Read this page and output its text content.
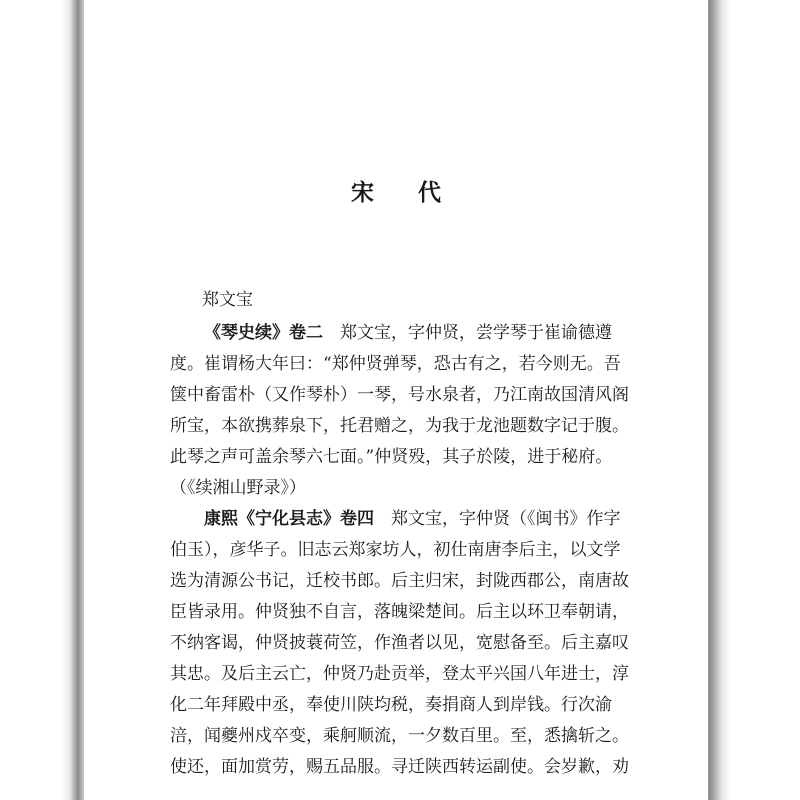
宋 代
郑文宝
《琴史续》卷二　 郑文宝，字仲贤，尝学琴于崔谕德遵
度。崔谓杨大年曰：“郑仲贤弹琴，恐古有之，若今则无。吾
箧中畜雷朴（又作琴朴）一琴，号水泉者，乃江南故国清风阁
所宝，本欲携葬泉下，托君赠之，为我于龙池题数字记于腹。
此琴之声可盖余琴六七面。”仲贤殁，其子於陵，进于秘府。
（《续湘山野录》）
康熙《宁化县志》卷四　 郑文宝，字仲贤（《闽书》作字
伯玉），彦华子。旧志云郑家坊人，初仕南唐李后主，以文学
选为清源公书记，迁校书郎。后主归宋，封陇西郡公，南唐故
臣皆录用。仲贤独不自言，落魄梁楚间。后主以环卫奉朝请，
不纳客谒，仲贤披蓑荷笠，作渔者以见，宽慰备至。后主嘉叹
其忠。及后主云亡，仲贤乃赴贡举，登太平兴国八年进士，淳
化二年拜殿中丞，奉使川陕均税，奏捐商人到岸钱。行次渝
涪，闻夔州戍卒变，乘舸顺流，一夕数百里。至，悉擒斩之。
使还，面加赏劳，赐五品服。寻迁陕西转运副使。会岁歉，劝
